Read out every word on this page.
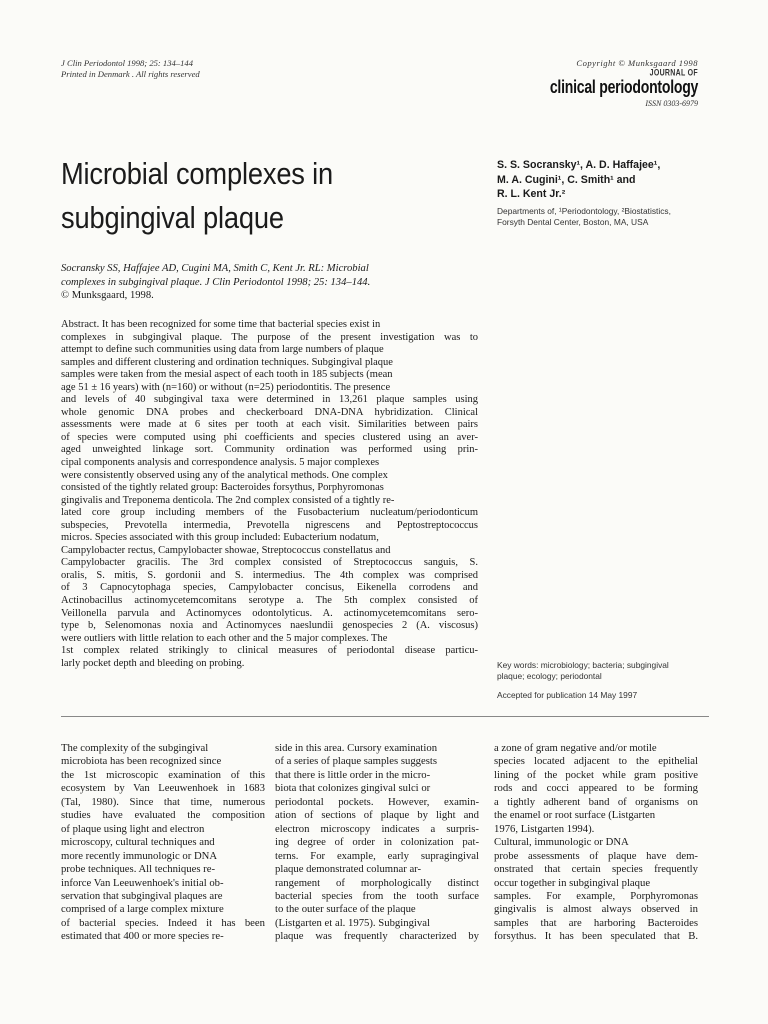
J Clin Periodontol 1998; 25: 134–144
Printed in Denmark . All rights reserved
Copyright © Munksgaard 1998
JOURNAL OF
clinical periodontology
ISSN 0303-6979
Microbial complexes in
subgingival plaque
S. S. Socransky¹, A. D. Haffajee¹,
M. A. Cugini¹, C. Smith¹ and
R. L. Kent Jr.²
Departments of, ¹Periodontology, ²Biostatistics,
Forsyth Dental Center, Boston, MA, USA
Socransky SS, Haffajee AD, Cugini MA, Smith C, Kent Jr. RL: Microbial
complexes in subgingival plaque. J Clin Periodontol 1998; 25: 134–144.
© Munksgaard, 1998.
Abstract. It has been recognized for some time that bacterial species exist in
complexes in subgingival plaque. The purpose of the present investigation was to
attempt to define such communities using data from large numbers of plaque
samples and different clustering and ordination techniques. Subgingival plaque
samples were taken from the mesial aspect of each tooth in 185 subjects (mean
age 51 ± 16 years) with (n=160) or without (n=25) periodontitis. The presence
and levels of 40 subgingival taxa were determined in 13,261 plaque samples using
whole genomic DNA probes and checkerboard DNA-DNA hybridization. Clinical
assessments were made at 6 sites per tooth at each visit. Similarities between pairs
of species were computed using phi coefficients and species clustered using an aver-
aged unweighted linkage sort. Community ordination was performed using prin-
cipal components analysis and correspondence analysis. 5 major complexes
were consistently observed using any of the analytical methods. One complex
consisted of the tightly related group: Bacteroides forsythus, Porphyromonas
gingivalis and Treponema denticola. The 2nd complex consisted of a tightly re-
lated core group including members of the Fusobacterium nucleatum/periodonticum
subspecies, Prevotella intermedia, Prevotella nigrescens and Peptostreptococcus
micros. Species associated with this group included: Eubacterium nodatum,
Campylobacter rectus, Campylobacter showae, Streptococcus constellatus and
Campylobacter gracilis. The 3rd complex consisted of Streptococcus sanguis, S.
oralis, S. mitis, S. gordonii and S. intermedius. The 4th complex was comprised
of 3 Capnocytophaga species, Campylobacter concisus, Eikenella corrodens and
Actinobacillus actinomycetemcomitans serotype a. The 5th complex consisted of
Veillonella parvula and Actinomyces odontolyticus. A. actinomycetemcomitans sero-
type b, Selenomonas noxia and Actinomyces naeslundii genospecies 2 (A. viscosus)
were outliers with little relation to each other and the 5 major complexes. The
1st complex related strikingly to clinical measures of periodontal disease particu-
larly pocket depth and bleeding on probing.	Key words: microbiology; bacteria; subgingival
plaque; ecology; periodontal
Accepted for publication 14 May 1997
The complexity of the subgingival
microbiota has been recognized since
the 1st microscopic examination of this
ecosystem by Van Leeuwenhoek in 1683
(Tal, 1980). Since that time, numerous
studies have evaluated the composition
of plaque using light and electron
microscopy, cultural techniques and
more recently immunologic or DNA
probe techniques. All techniques re-
inforce Van Leeuwenhoek's initial ob-
servation that subgingival plaques are
comprised of a large complex mixture
of bacterial species. Indeed it has been
estimated that 400 or more species re-
side in this area. Cursory examination
of a series of plaque samples suggests
that there is little order in the micro-
biota that colonizes gingival sulci or
periodontal pockets. However, examin-
ation of sections of plaque by light and
electron microscopy indicates a surpris-
ing degree of order in colonization pat-
terns. For example, early supragingival
plaque demonstrated columnar ar-
rangement of morphologically distinct
bacterial species from the tooth surface
to the outer surface of the plaque
(Listgarten et al. 1975). Subgingival
plaque was frequently characterized by
a zone of gram negative and/or motile
species located adjacent to the epithelial
lining of the pocket while gram positive
rods and cocci appeared to be forming
a tightly adherent band of organisms on
the enamel or root surface (Listgarten
1976, Listgarten 1994).
Cultural, immunologic or DNA
probe assessments of plaque have dem-
onstrated that certain species frequently
occur together in subgingival plaque
samples. For example, Porphyromonas
gingivalis is almost always observed in
samples that are harboring Bacteroides
forsythus. It has been speculated that B.
